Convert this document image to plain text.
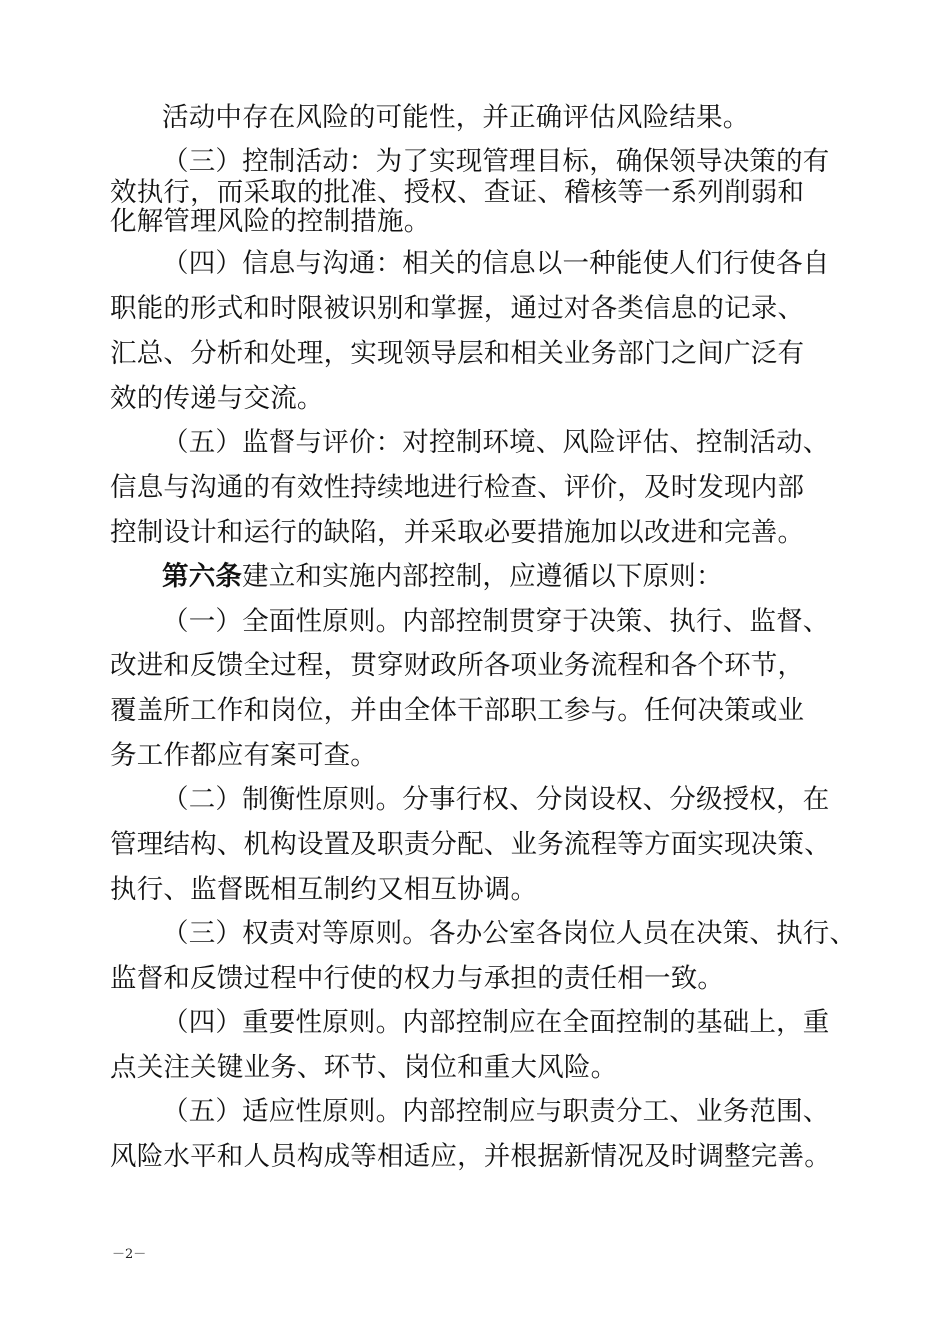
活动中存在风险的可能性，并正确评估风险结果。
（三）控制活动：为了实现管理目标，确保领导决策的有
效执行，而采取的批准、授权、查证、稽核等一系列削弱和
化解管理风险的控制措施。
（四）信息与沟通：相关的信息以一种能使人们行使各自
职能的形式和时限被识别和掌握，通过对各类信息的记录、
汇总、分析和处理，实现领导层和相关业务部门之间广泛有
效的传递与交流。
（五）监督与评价：对控制环境、风险评估、控制活动、
信息与沟通的有效性持续地进行检查、评价，及时发现内部
控制设计和运行的缺陷，并采取必要措施加以改进和完善。
第六条建立和实施内部控制，应遵循以下原则：
（一）全面性原则。内部控制贯穿于决策、执行、监督、
改进和反馈全过程，贯穿财政所各项业务流程和各个环节，
覆盖所工作和岗位，并由全体干部职工参与。任何决策或业
务工作都应有案可查。
（二）制衡性原则。分事行权、分岗设权、分级授权，在
管理结构、机构设置及职责分配、业务流程等方面实现决策、
执行、监督既相互制约又相互协调。
（三）权责对等原则。各办公室各岗位人员在决策、执行、
监督和反馈过程中行使的权力与承担的责任相一致。
（四）重要性原则。内部控制应在全面控制的基础上，重
点关注关键业务、环节、岗位和重大风险。
（五）适应性原则。内部控制应与职责分工、业务范围、
风险水平和人员构成等相适应，并根据新情况及时调整完善。
－2－
